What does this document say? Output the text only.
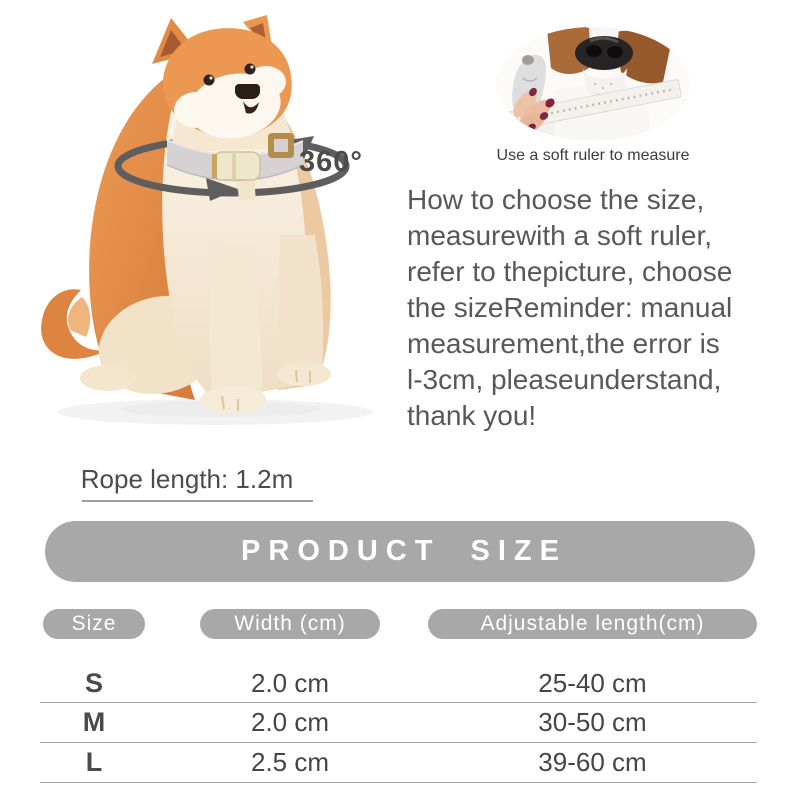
360°
Rope length: 1.2m
Use a soft ruler to measure
How to choose the size,
measurewith a soft ruler,
refer to thepicture, choose
the sizeReminder: manual
measurement,the error is
l-3cm, pleaseunderstand,
thank you!
PRODUCT SIZE
Size	Width (cm)	Adjustable length(cm)
S	2.0 cm	25-40 cm
M	2.0 cm	30-50 cm
L	2.5 cm	39-60 cm
